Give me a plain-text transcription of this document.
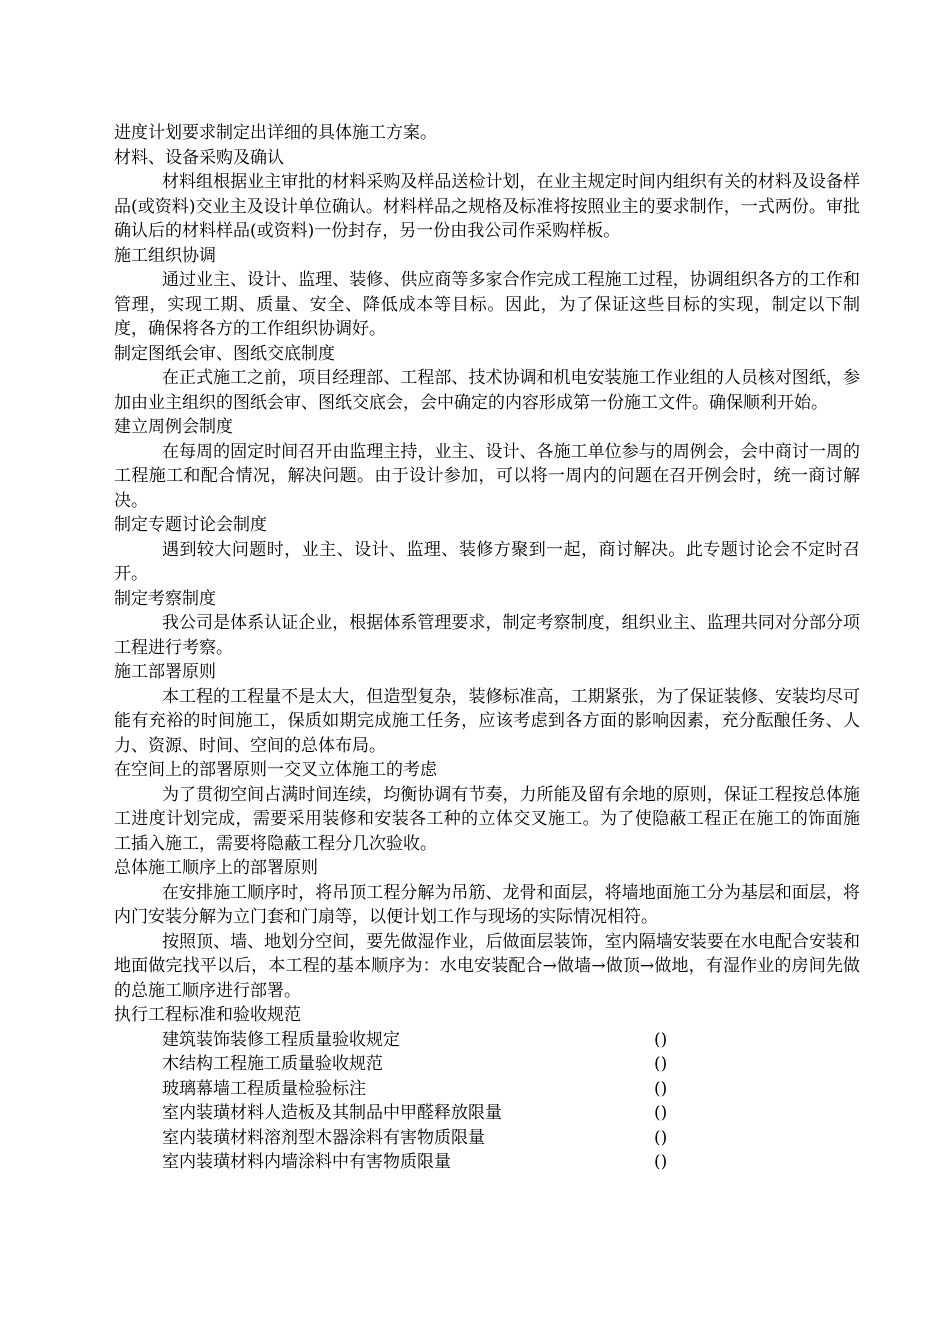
进度计划要求制定出详细的具体施工方案。
材料、设备采购及确认
材料组根据业主审批的材料采购及样品送检计划，在业主规定时间内组织有关的材料及设备样品(或资料)交业主及设计单位确认。材料样品之规格及标准将按照业主的要求制作，一式两份。审批确认后的材料样品(或资料)一份封存，另一份由我公司作采购样板。
施工组织协调
通过业主、设计、监理、装修、供应商等多家合作完成工程施工过程，协调组织各方的工作和管理，实现工期、质量、安全、降低成本等目标。因此，为了保证这些目标的实现，制定以下制度，确保将各方的工作组织协调好。
制定图纸会审、图纸交底制度
在正式施工之前，项目经理部、工程部、技术协调和机电安装施工作业组的人员核对图纸，参加由业主组织的图纸会审、图纸交底会，会中确定的内容形成第一份施工文件。确保顺利开始。
建立周例会制度
在每周的固定时间召开由监理主持，业主、设计、各施工单位参与的周例会，会中商讨一周的工程施工和配合情况，解决问题。由于设计参加，可以将一周内的问题在召开例会时，统一商讨解决。
制定专题讨论会制度
遇到较大问题时，业主、设计、监理、装修方聚到一起，商讨解决。此专题讨论会不定时召开。
制定考察制度
我公司是体系认证企业，根据体系管理要求，制定考察制度，组织业主、监理共同对分部分项工程进行考察。
施工部署原则
本工程的工程量不是太大，但造型复杂，装修标准高，工期紧张，为了保证装修、安装均尽可能有充裕的时间施工，保质如期完成施工任务，应该考虑到各方面的影响因素，充分酝酿任务、人力、资源、时间、空间的总体布局。
在空间上的部署原则一交叉立体施工的考虑
为了贯彻空间占满时间连续，均衡协调有节奏，力所能及留有余地的原则，保证工程按总体施工进度计划完成，需要采用装修和安装各工种的立体交叉施工。为了使隐蔽工程正在施工的饰面施工插入施工，需要将隐蔽工程分几次验收。
总体施工顺序上的部署原则
在安排施工顺序时，将吊顶工程分解为吊筋、龙骨和面层，将墙地面施工分为基层和面层，将内门安装分解为立门套和门扇等，以便计划工作与现场的实际情况相符。
按照顶、墙、地划分空间，要先做湿作业，后做面层装饰，室内隔墙安装要在水电配合安装和地面做完找平以后，本工程的基本顺序为：水电安装配合→做墙→做顶→做地，有湿作业的房间先做的总施工顺序进行部署。
执行工程标准和验收规范
建筑装饰装修工程质量验收规定	()
木结构工程施工质量验收规范	()
玻璃幕墙工程质量检验标注	()
室内装璜材料人造板及其制品中甲醛释放限量	()
室内装璜材料溶剂型木器涂料有害物质限量	()
室内装璜材料内墙涂料中有害物质限量	()
